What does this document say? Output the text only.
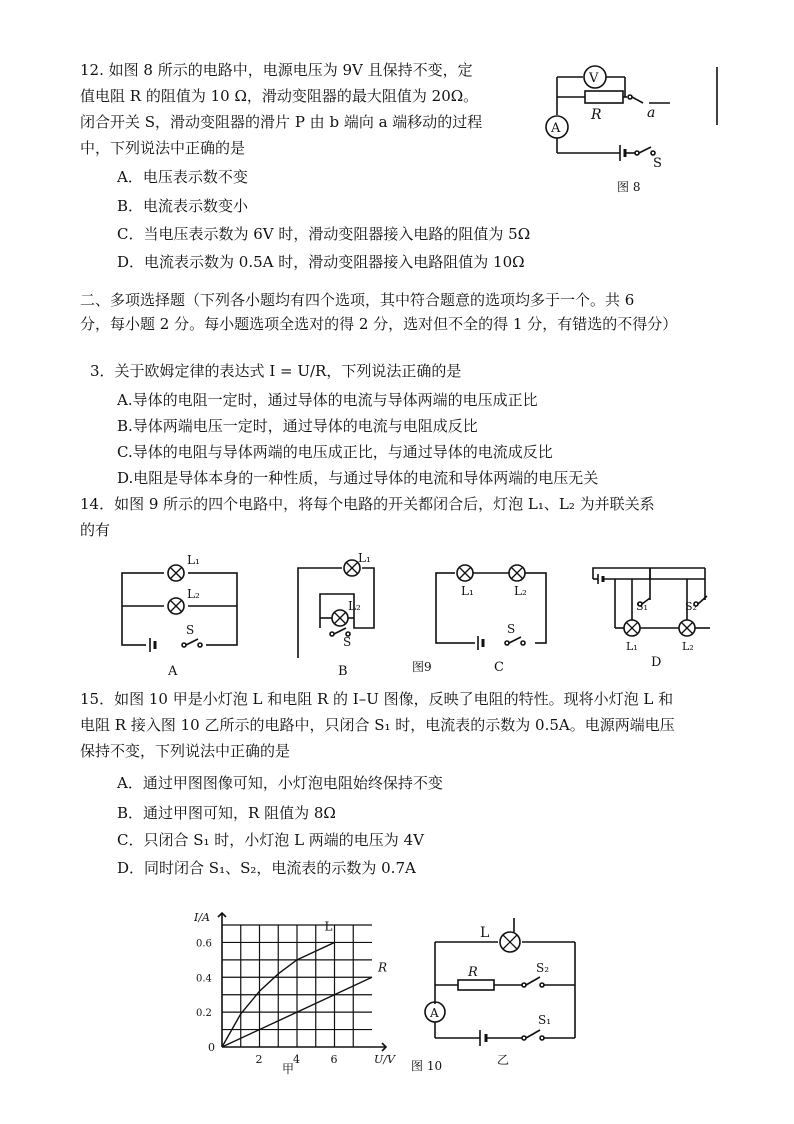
12. 如图 8 所示的电路中，电源电压为 9V 且保持不变，定
值电阻 R 的阻值为 10 Ω，滑动变阻器的最大阻值为 20Ω。
闭合开关 S，滑动变阻器的滑片 P 由 b 端向 a 端移动的过程
中，下列说法中正确的是
A．电压表示数不变
B．电流表示数变小
C．当电压表示数为 6V 时，滑动变阻器接入电路的阻值为 5Ω
D．电流表示数为 0.5A 时，滑动变阻器接入电路阻值为 10Ω
V
R	a
A
S
图 8
二、多项选择题（下列各小题均有四个选项，其中符合题意的选项均多于一个。共 6
分，每小题 2 分。每小题选项全选对的得 2 分，选对但不全的得 1 分，有错选的不得分）
3．关于欧姆定律的表达式 I = U/R，下列说法正确的是
A.导体的电阻一定时，通过导体的电流与导体两端的电压成正比
B.导体两端电压一定时，通过导体的电流与电阻成反比
C.导体的电阻与导体两端的电压成正比，与通过导体的电流成反比
D.电阻是导体本身的一种性质，与通过导体的电流和导体两端的电压无关
14．如图 9 所示的四个电路中，将每个电路的开关都闭合后，灯泡 L₁、L₂ 为并联关系
的有
L₁
L₂
S
A
L₁
L₂
S
B	图9
L₁	L₂
S
C
S₁	S₂
L₁	L₂
D
15．如图 10 甲是小灯泡 L 和电阻 R 的 I–U 图像，反映了电阻的特性。现将小灯泡 L 和
电阻 R 接入图 10 乙所示的电路中，只闭合 S₁ 时，电流表的示数为 0.5A。电源两端电压
保持不变，下列说法中正确的是
A．通过甲图图像可知，小灯泡电阻始终保持不变
B．通过甲图可知，R 阻值为 8Ω
C．只闭合 S₁ 时，小灯泡 L 两端的电压为 4V
D．同时闭合 S₁、S₂，电流表的示数为 0.7A
L
R
2	4	6
0.2
0.4
0.6
0
U/V
I/A
甲	图 10
L
R	S₂
A	S₁
乙
